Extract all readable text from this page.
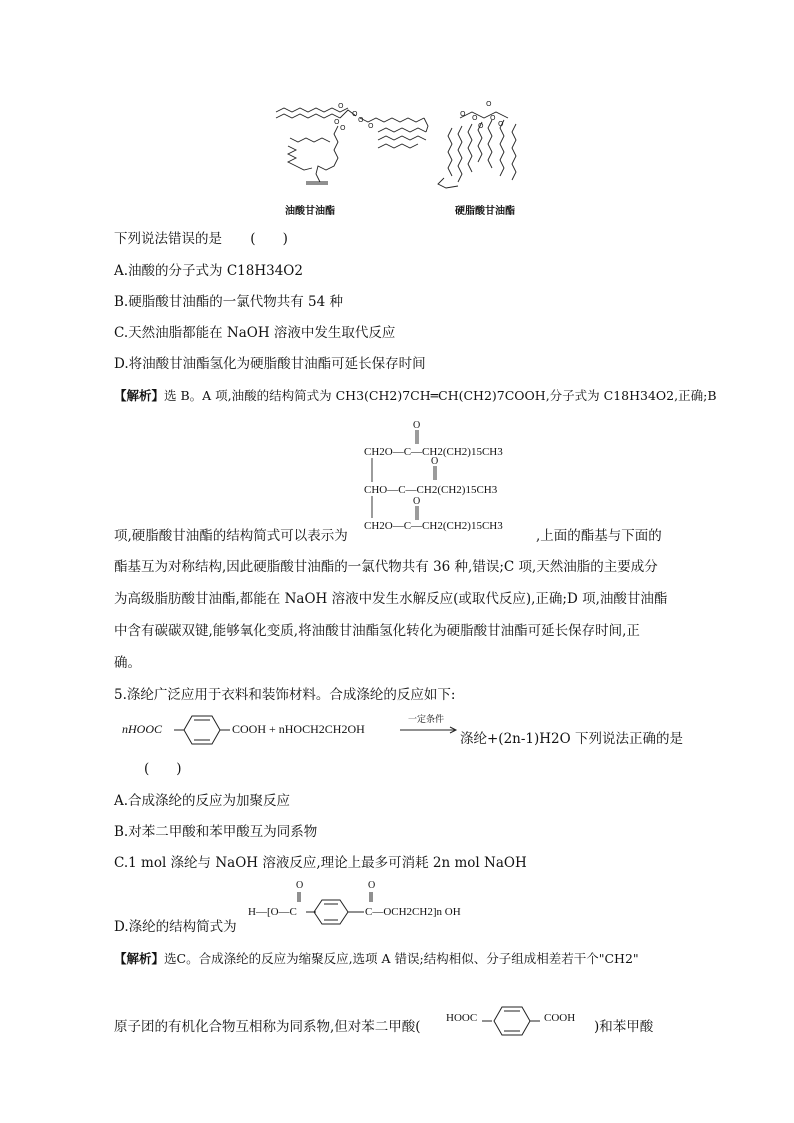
O
O
O	O
O	O
O
O O O
O O
油酸甘油酯	硬脂酸甘油酯
下列说法错误的是 (　　)
A.油酸的分子式为 C18H34O2
B.硬脂酸甘油酯的一氯代物共有 54 种
C.天然油脂都能在 NaOH 溶液中发生取代反应
D.将油酸甘油酯氢化为硬脂酸甘油酯可延长保存时间
【解析】选 B。A 项,油酸的结构简式为 CH3(CH2)7CH═CH(CH2)7COOH,分子式为 C18H34O2,正确;B
O
O
O
CH2O—C—CH2(CH2)15CH3
CHO—C—CH2(CH2)15CH3
CH2O—C—CH2(CH2)15CH3
项,硬脂酸甘油酯的结构简式可以表示为	,上面的酯基与下面的
酯基互为对称结构,因此硬脂酸甘油酯的一氯代物共有 36 种,错误;C 项,天然油脂的主要成分
为高级脂肪酸甘油酯,都能在 NaOH 溶液中发生水解反应(或取代反应),正确;D 项,油酸甘油酯
中含有碳碳双键,能够氧化变质,将油酸甘油酯氢化转化为硬脂酸甘油酯可延长保存时间,正
确。
5.涤纶广泛应用于衣料和装饰材料。合成涤纶的反应如下:
nHOOC	COOH + nHOCH2CH2OH
一定条件
涤纶+(2n-1)H2O 下列说法正确的是
(　　)
A.合成涤纶的反应为加聚反应
B.对苯二甲酸和苯甲酸互为同系物
C.1 mol 涤纶与 NaOH 溶液反应,理论上最多可消耗 2n mol NaOH
D.涤纶的结构简式为
O	O
H—[O—C	C—OCH2CH2]n OH
【解析】选C。合成涤纶的反应为缩聚反应,选项 A 错误;结构相似、分子组成相差若干个"CH2"
原子团的有机化合物互相称为同系物,但对苯二甲酸(
HOOC	COOH
)和苯甲酸
